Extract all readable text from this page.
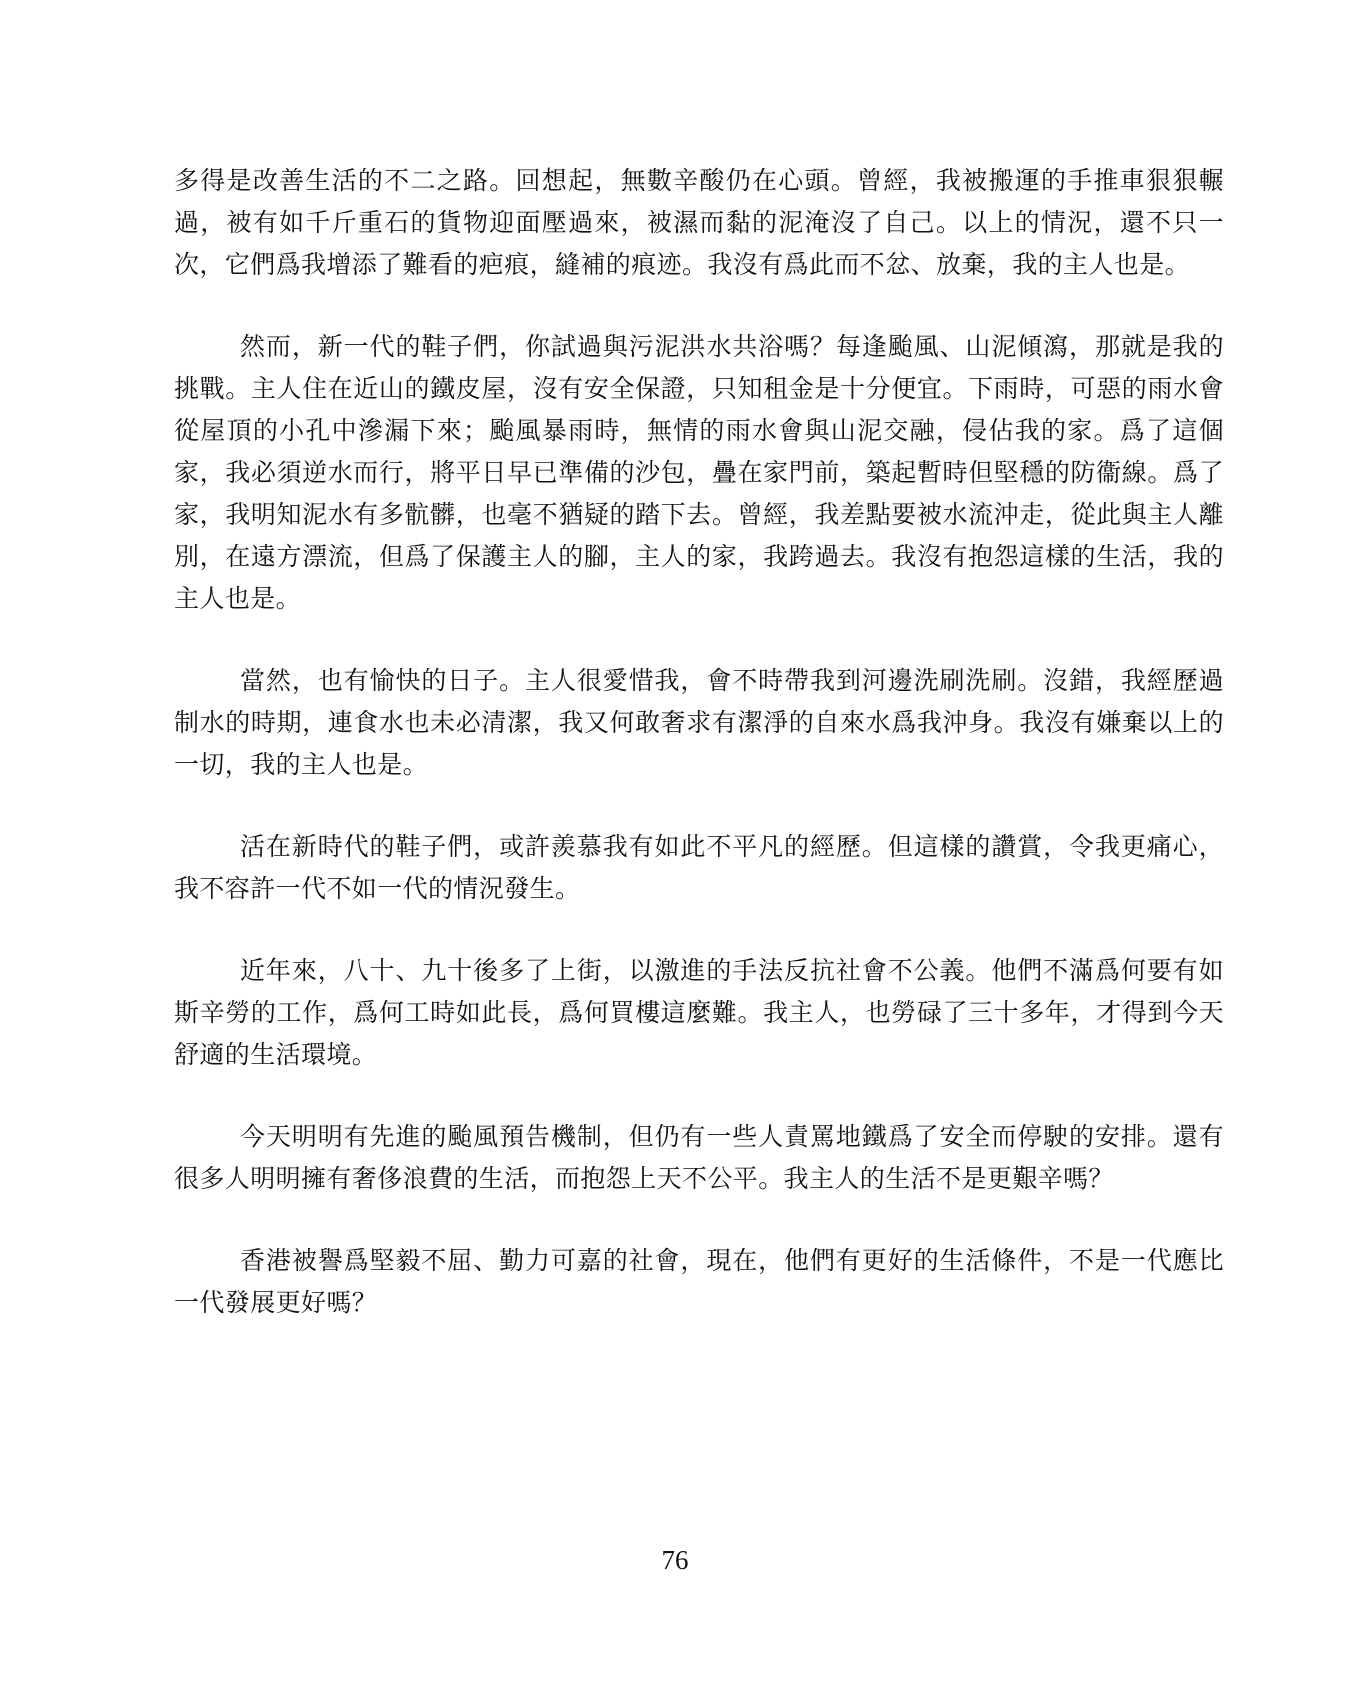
多得是改善生活的不二之路。回想起，無數辛酸仍在心頭。曾經，我被搬運的手推車狠狠輾過，被有如千斤重石的貨物迎面壓過來，被濕而黏的泥淹沒了自己。以上的情況，還不只一次，它們爲我增添了難看的疤痕，縫補的痕迹。我沒有爲此而不忿、放棄，我的主人也是。

然而，新一代的鞋子們，你試過與污泥洪水共浴嗎？每逢颱風、山泥傾瀉，那就是我的挑戰。主人住在近山的鐵皮屋，沒有安全保證，只知租金是十分便宜。下雨時，可惡的雨水會從屋頂的小孔中滲漏下來；颱風暴雨時，無情的雨水會與山泥交融，侵佔我的家。爲了這個家，我必須逆水而行，將平日早已準備的沙包，疊在家門前，築起暫時但堅穩的防衞線。爲了家，我明知泥水有多骯髒，也毫不猶疑的踏下去。曾經，我差點要被水流沖走，從此與主人離別，在遠方漂流，但爲了保護主人的腳，主人的家，我跨過去。我沒有抱怨這樣的生活，我的主人也是。

當然，也有愉快的日子。主人很愛惜我，會不時帶我到河邊洗刷洗刷。沒錯，我經歷過制水的時期，連食水也未必清潔，我又何敢奢求有潔淨的自來水爲我沖身。我沒有嫌棄以上的一切，我的主人也是。

活在新時代的鞋子們，或許羨慕我有如此不平凡的經歷。但這樣的讚賞，令我更痛心，我不容許一代不如一代的情況發生。

近年來，八十、九十後多了上街，以激進的手法反抗社會不公義。他們不滿爲何要有如斯辛勞的工作，爲何工時如此長，爲何買樓這麼難。我主人，也勞碌了三十多年，才得到今天舒適的生活環境。

今天明明有先進的颱風預告機制，但仍有一些人責罵地鐵爲了安全而停駛的安排。還有很多人明明擁有奢侈浪費的生活，而抱怨上天不公平。我主人的生活不是更艱辛嗎？

香港被譽爲堅毅不屈、勤力可嘉的社會，現在，他們有更好的生活條件，不是一代應比一代發展更好嗎？

76
